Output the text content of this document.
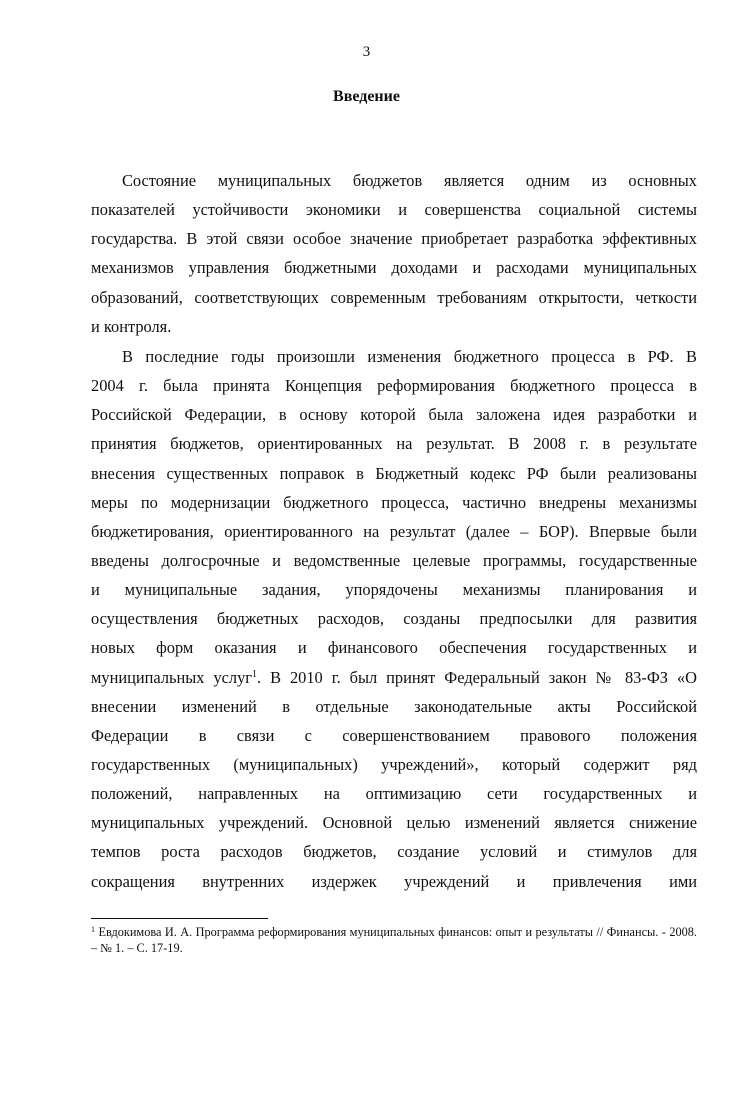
3
Введение
Состояние муниципальных бюджетов является одним из основных
показателей устойчивости экономики и совершенства социальной системы
государства. В этой связи особое значение приобретает разработка эффективных
механизмов управления бюджетными доходами и расходами муниципальных
образований, соответствующих современным требованиям открытости, четкости
и контроля.
В последние годы произошли изменения бюджетного процесса в РФ. В
2004 г. была принята Концепция реформирования бюджетного процесса в
Российской Федерации, в основу которой была заложена идея разработки и
принятия бюджетов, ориентированных на результат. В 2008 г. в результате
внесения существенных поправок в Бюджетный кодекс РФ были реализованы
меры по модернизации бюджетного процесса, частично внедрены механизмы
бюджетирования, ориентированного на результат (далее – БОР). Впервые были
введены долгосрочные и ведомственные целевые программы, государственные
и муниципальные задания, упорядочены механизмы планирования и
осуществления бюджетных расходов, созданы предпосылки для развития
новых форм оказания и финансового обеспечения государственных и
муниципальных услуг$^1$. В 2010 г. был принят Федеральный закон № 83-ФЗ «О
внесении изменений в отдельные законодательные акты Российской
Федерации в связи с совершенствованием правового положения
государственных (муниципальных) учреждений», который содержит ряд
положений, направленных на оптимизацию сети государственных и
муниципальных учреждений. Основной целью изменений является снижение
темпов роста расходов бюджетов, создание условий и стимулов для
сокращения внутренних издержек учреждений и привлечения ими
$^1$ Евдокимова И. А. Программа реформирования муниципальных финансов: опыт и результаты // Финансы. - 2008.
– № 1. – С. 17-19.
